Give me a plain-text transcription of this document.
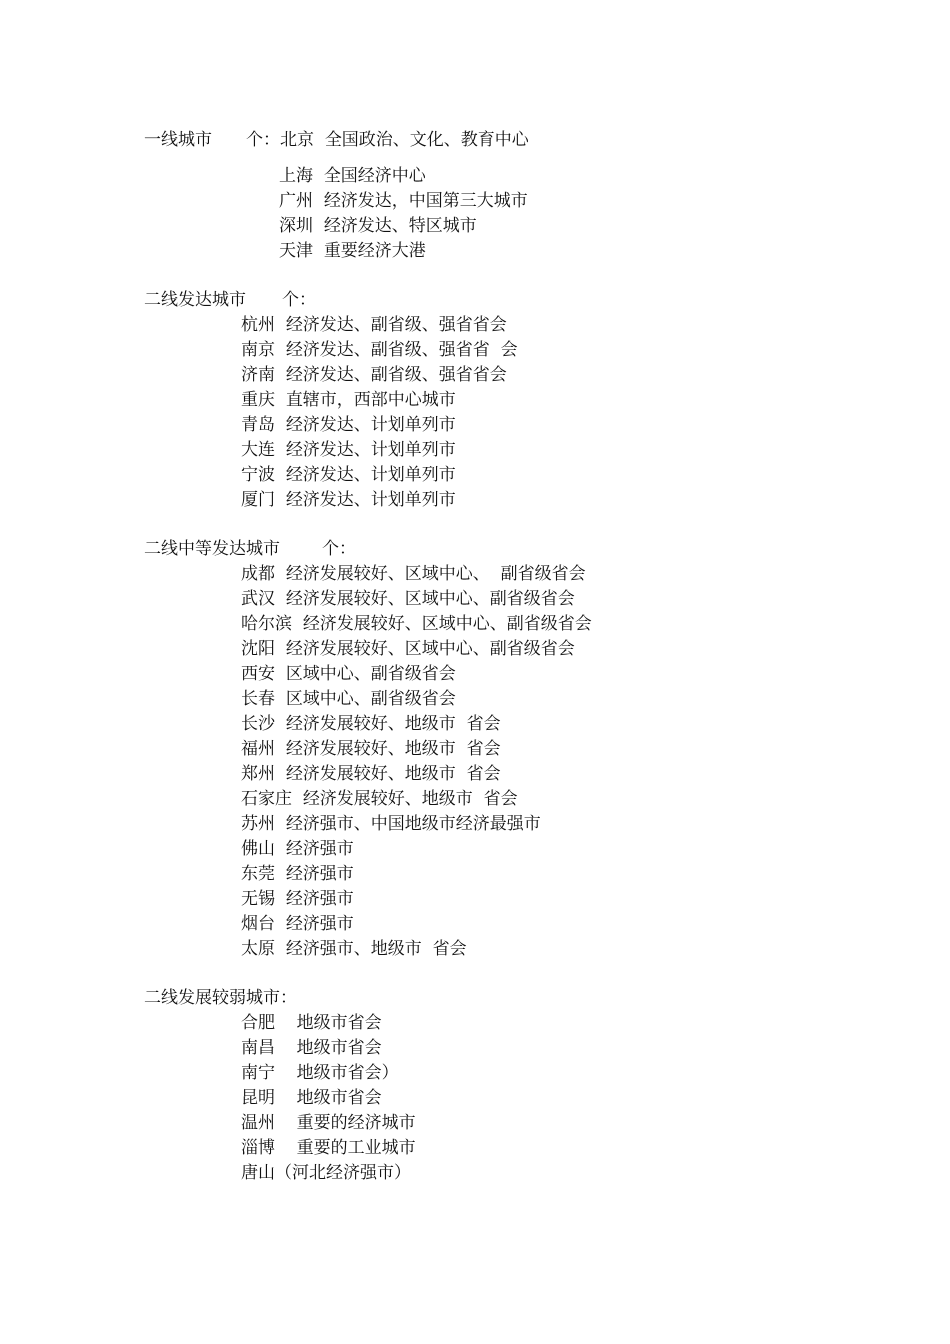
一线城市 个：北京 全国政治、文化、教育中心
上海 全国经济中心
广州 经济发达，中国第三大城市
深圳 经济发达、特区城市
天津 重要经济大港
二线发达城市 个：
杭州 经济发达、副省级、强省省会
南京 经济发达、副省级、强省省  会
济南 经济发达、副省级、强省省会
重庆 直辖市，西部中心城市
青岛 经济发达、计划单列市
大连 经济发达、计划单列市
宁波 经济发达、计划单列市
厦门 经济发达、计划单列市
二线中等发达城市 个：
成都 经济发展较好、区域中心、  副省级省会
武汉 经济发展较好、区域中心、副省级省会
哈尔滨 经济发展较好、区域中心、副省级省会
沈阳 经济发展较好、区域中心、副省级省会
西安 区域中心、副省级省会
长春 区域中心、副省级省会
长沙 经济发展较好、地级市  省会
福州 经济发展较好、地级市  省会
郑州 经济发展较好、地级市  省会
石家庄 经济发展较好、地级市  省会
苏州 经济强市、中国地级市经济最强市
佛山 经济强市
东莞 经济强市
无锡 经济强市
烟台 经济强市
太原 经济强市、地级市  省会
二线发展较弱城市：
合肥 地级市省会
南昌 地级市省会
南宁 地级市省会）
昆明 地级市省会
温州 重要的经济城市
淄博 重要的工业城市
唐山（河北经济强市）
